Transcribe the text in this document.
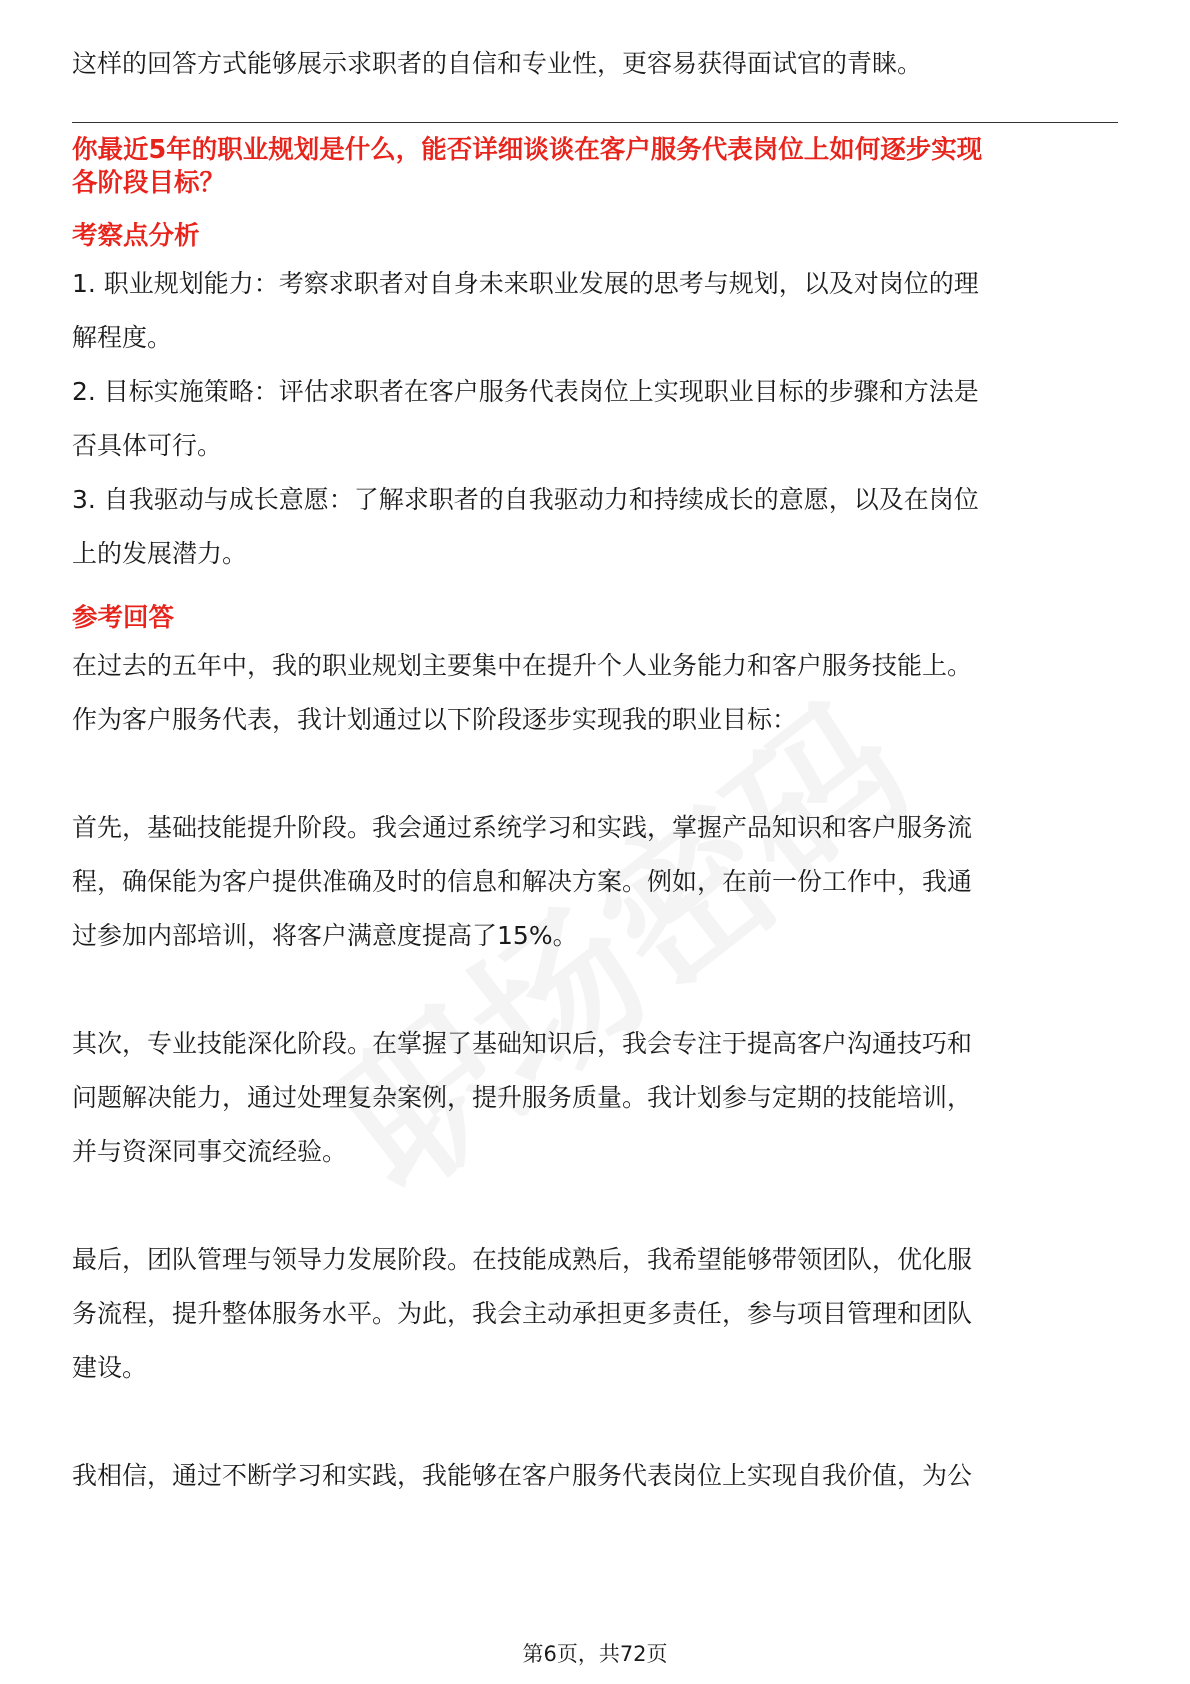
这样的回答方式能够展示求职者的自信和专业性，更容易获得面试官的青睐。
你最近5年的职业规划是什么，能否详细谈谈在客户服务代表岗位上如何逐步实现
各阶段目标？
考察点分析
1. 职业规划能力：考察求职者对自身未来职业发展的思考与规划，以及对岗位的理
解程度。
2. 目标实施策略：评估求职者在客户服务代表岗位上实现职业目标的步骤和方法是
否具体可行。
3. 自我驱动与成长意愿：了解求职者的自我驱动力和持续成长的意愿，以及在岗位
上的发展潜力。
参考回答
在过去的五年中，我的职业规划主要集中在提升个人业务能力和客户服务技能上。
作为客户服务代表，我计划通过以下阶段逐步实现我的职业目标：
首先，基础技能提升阶段。我会通过系统学习和实践，掌握产品知识和客户服务流
程，确保能为客户提供准确及时的信息和解决方案。例如，在前一份工作中，我通
过参加内部培训，将客户满意度提高了15%。
其次，专业技能深化阶段。在掌握了基础知识后，我会专注于提高客户沟通技巧和
问题解决能力，通过处理复杂案例，提升服务质量。我计划参与定期的技能培训，
并与资深同事交流经验。
最后，团队管理与领导力发展阶段。在技能成熟后，我希望能够带领团队，优化服
务流程，提升整体服务水平。为此，我会主动承担更多责任，参与项目管理和团队
建设。
我相信，通过不断学习和实践，我能够在客户服务代表岗位上实现自我价值，为公
第6页，共72页
